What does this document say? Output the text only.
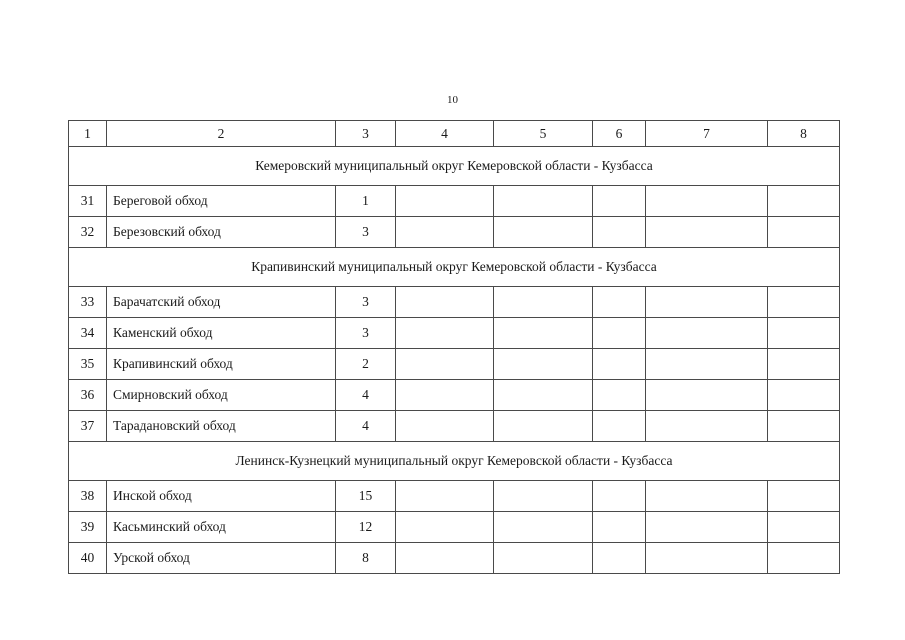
10
1	2	3	4	5	6	7	8
Кемеровский муниципальный округ Кемеровской области - Кузбасса							
31	Береговой обход	1					
32	Березовский обход	3					
Крапивинский муниципальный округ Кемеровской области - Кузбасса							
33	Барачатский обход	3					
34	Каменский обход	3					
35	Крапивинский обход	2					
36	Смирновский обход	4					
37	Тарадановский обход	4					
Ленинск-Кузнецкий муниципальный округ Кемеровской области - Кузбасса							
38	Инской обход	15					
39	Касьминский обход	12					
40	Урской обход	8					
